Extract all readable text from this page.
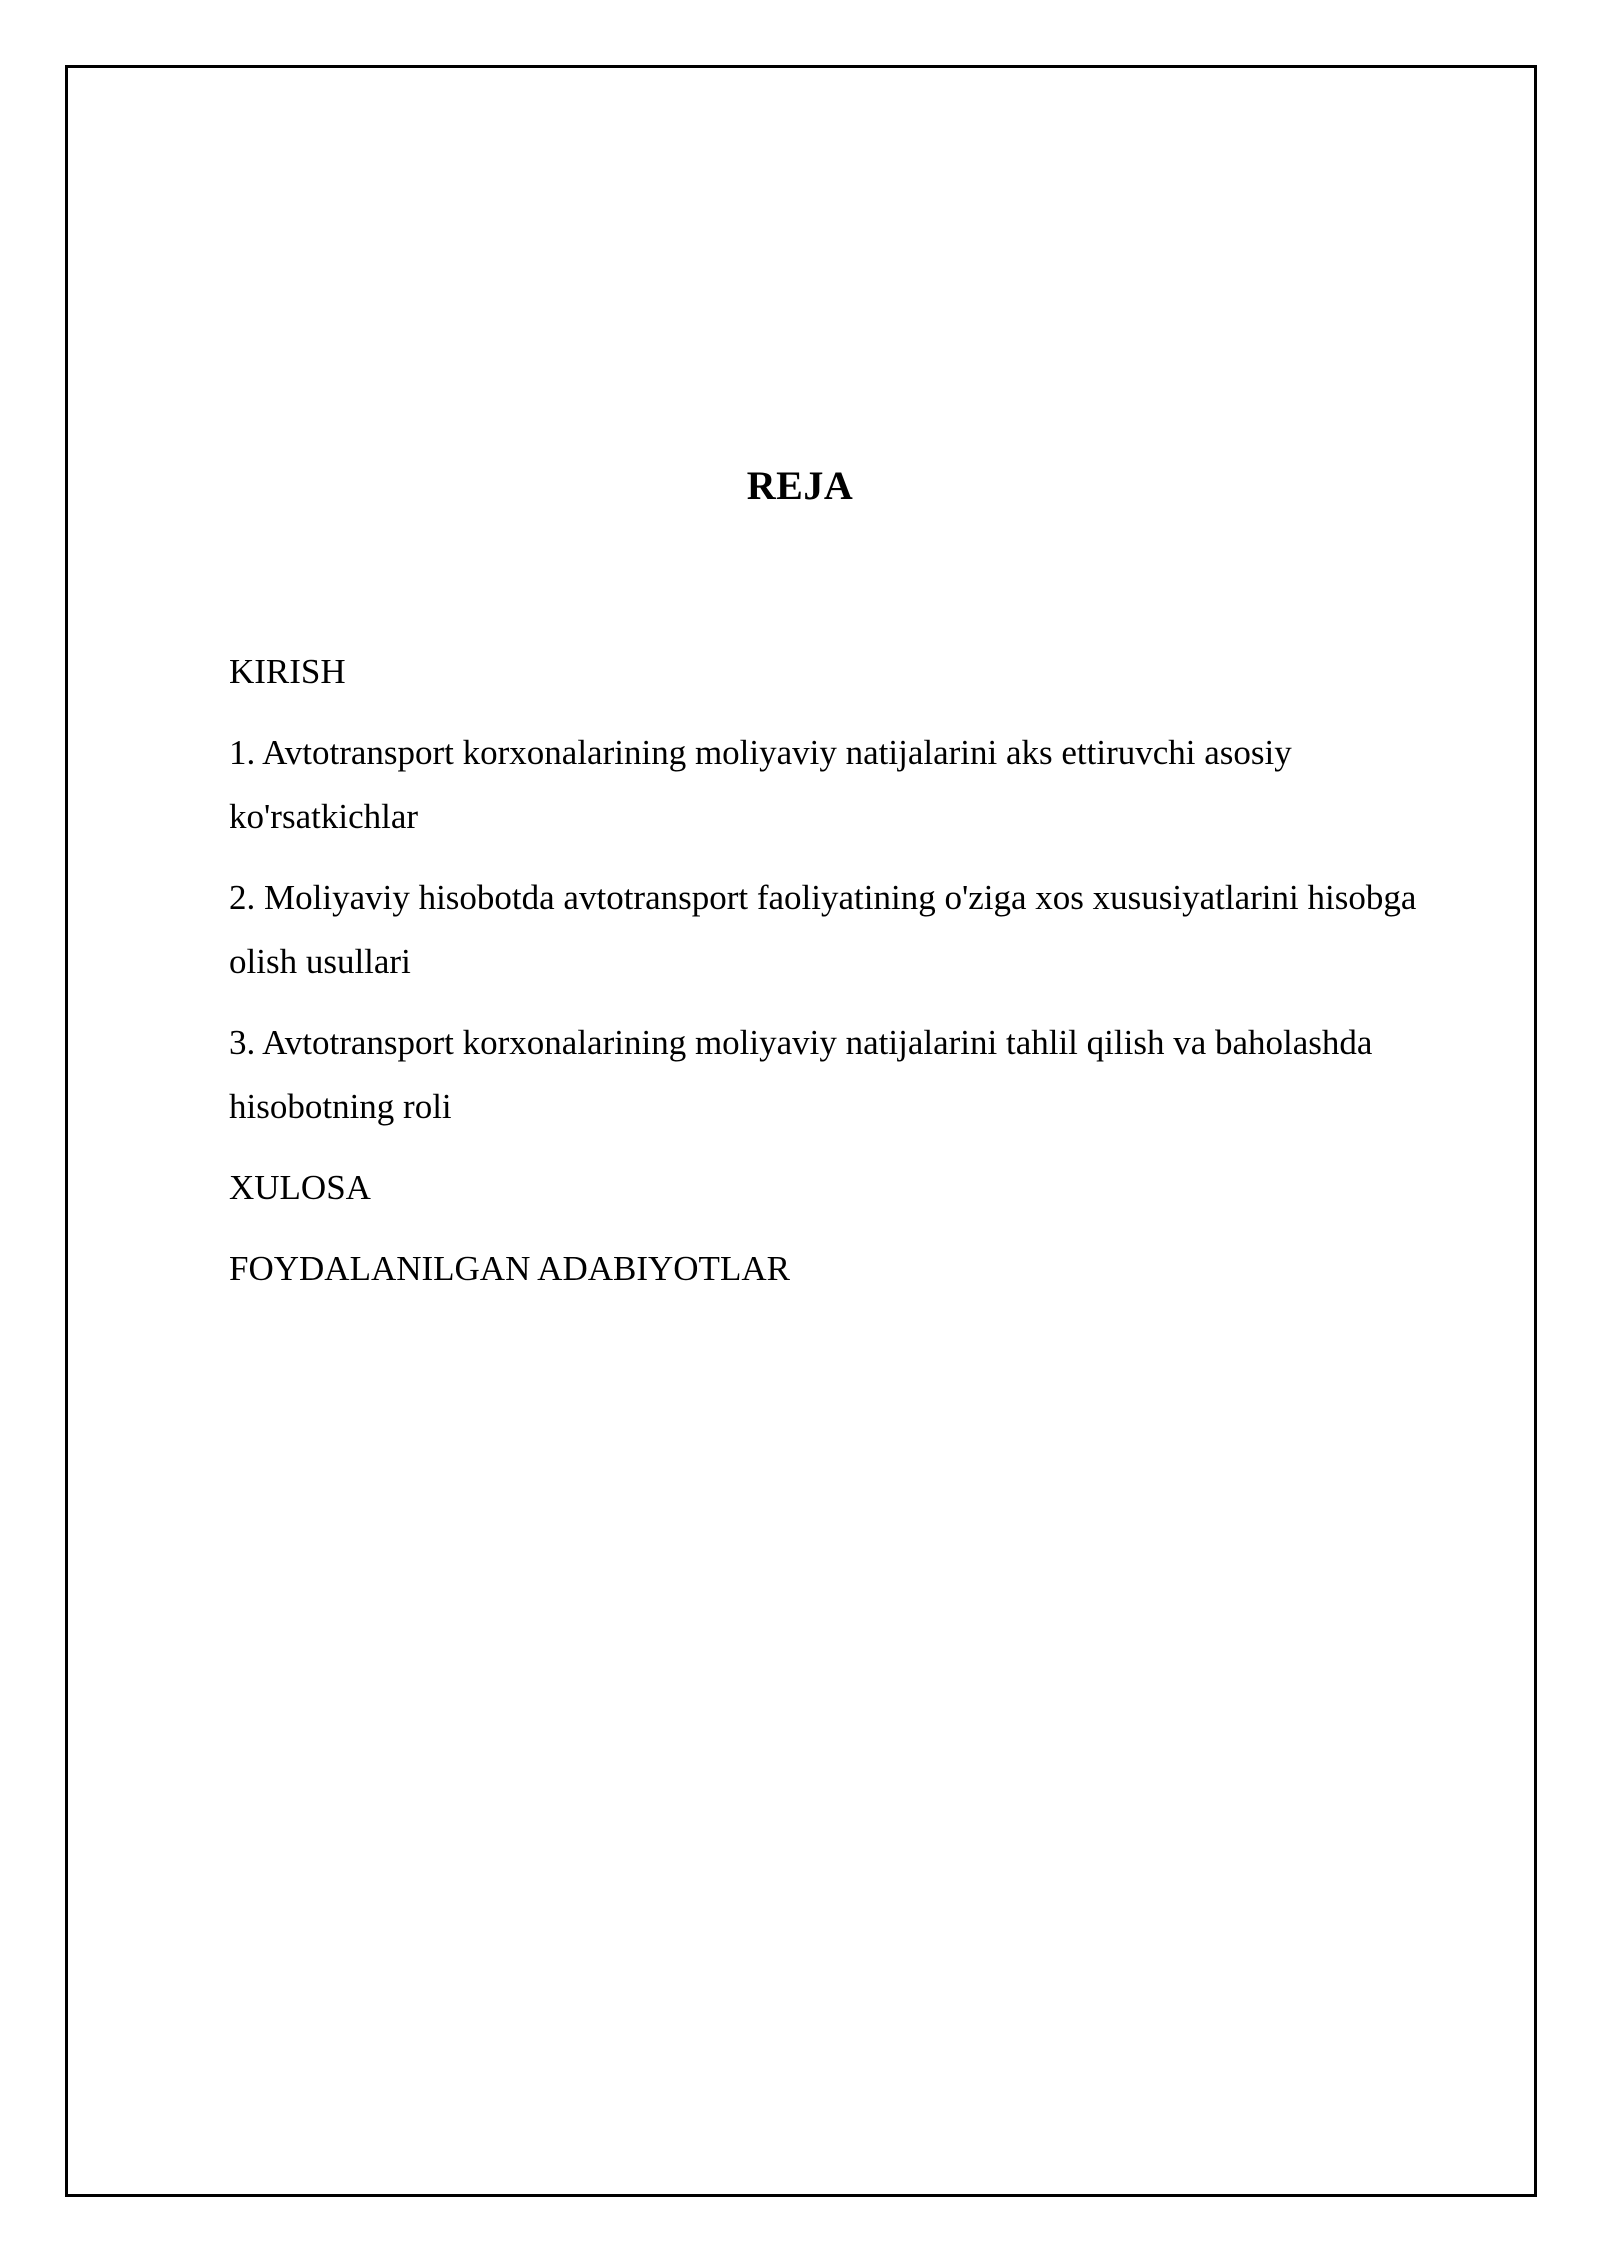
REJA
KIRISH
1. Avtotransport korxonalarining moliyaviy natijalarini aks ettiruvchi asosiy ko'rsatkichlar
2. Moliyaviy hisobotda avtotransport faoliyatining o'ziga xos xususiyatlarini hisobga olish usullari
3. Avtotransport korxonalarining moliyaviy natijalarini tahlil qilish va baholashda hisobotning roli
XULOSA
FOYDALANILGAN ADABIYOTLAR
